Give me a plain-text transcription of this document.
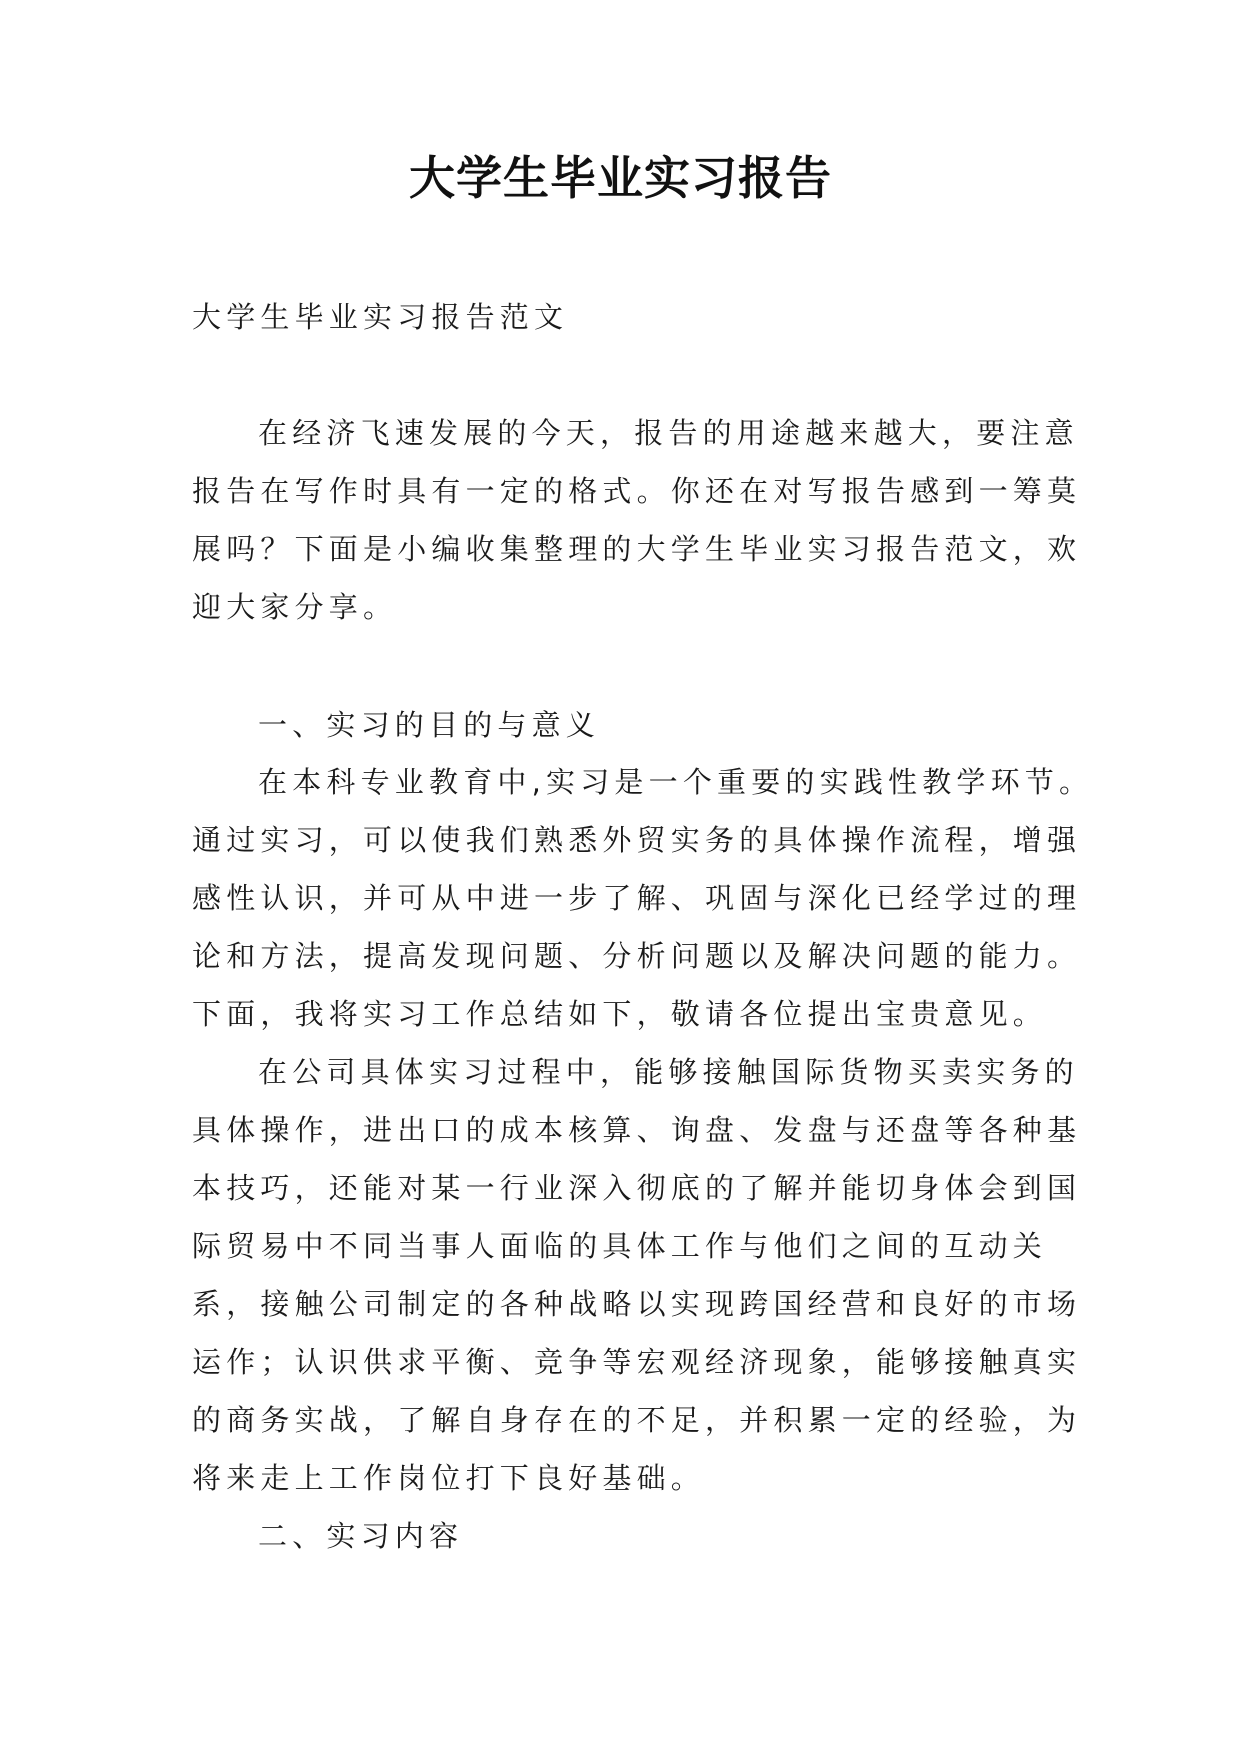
大学生毕业实习报告

大学生毕业实习报告范文

在经济飞速发展的今天，报告的用途越来越大，要注意
报告在写作时具有一定的格式。你还在对写报告感到一筹莫
展吗？下面是小编收集整理的大学生毕业实习报告范文，欢
迎大家分享。

一、实习的目的与意义

在本科专业教育中,实习是一个重要的实践性教学环节。
通过实习，可以使我们熟悉外贸实务的具体操作流程，增强
感性认识，并可从中进一步了解、巩固与深化已经学过的理
论和方法，提高发现问题、分析问题以及解决问题的能力。
下面，我将实习工作总结如下，敬请各位提出宝贵意见。
在公司具体实习过程中，能够接触国际货物买卖实务的
具体操作，进出口的成本核算、询盘、发盘与还盘等各种基
本技巧，还能对某一行业深入彻底的了解并能切身体会到国
际贸易中不同当事人面临的具体工作与他们之间的互动关
系，接触公司制定的各种战略以实现跨国经营和良好的市场
运作；认识供求平衡、竞争等宏观经济现象，能够接触真实
的商务实战，了解自身存在的不足，并积累一定的经验，为
将来走上工作岗位打下良好基础。

二、实习内容
